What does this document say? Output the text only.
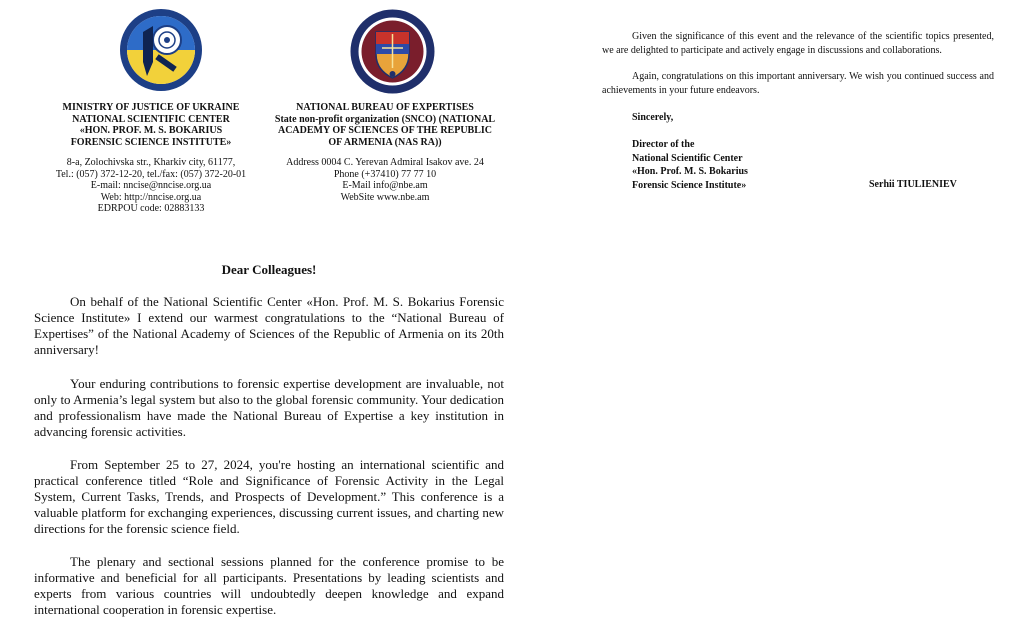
MINISTRY OF JUSTICE OF UKRAINE
NATIONAL SCIENTIFIC CENTER
«HON. PROF. M. S. BOKARIUS
FORENSIC SCIENCE INSTITUTE»
8-a, Zolochivska str., Kharkiv city, 61177,
Tel.: (057) 372-12-20, tel./fax: (057) 372-20-01
E-mail: nncise@nncise.org.ua
Web: http://nncise.org.ua
EDRPOU code: 02883133
NATIONAL BUREAU OF EXPERTISES
State non-profit organization (SNCO) (NATIONAL
ACADEMY OF SCIENCES OF THE REPUBLIC
OF ARMENIA (NAS RA))
Address 0004 C. Yerevan Admiral Isakov ave. 24
Phone (+37410) 77 77 10
E-Mail info@nbe.am
WebSite www.nbe.am
Dear Colleagues!

On behalf of the National Scientific Center «Hon. Prof. M. S. Bokarius Forensic Science Institute» I extend our warmest congratulations to the “National Bureau of Expertises” of the National Academy of Sciences of the Republic of Armenia on its 20th anniversary!

Your enduring contributions to forensic expertise development are invaluable, not only to Armenia’s legal system but also to the global forensic community. Your dedication and professionalism have made the National Bureau of Expertise a key institution in advancing forensic activities.

From September 25 to 27, 2024, you're hosting an international scientific and practical conference titled “Role and Significance of Forensic Activity in the Legal System, Current Tasks, Trends, and Prospects of Development.” This conference is a valuable platform for exchanging experiences, discussing current issues, and charting new directions for the forensic science field.

The plenary and sectional sessions planned for the conference promise to be informative and beneficial for all participants. Presentations by leading scientists and experts from various countries will undoubtedly deepen knowledge and expand international cooperation in forensic expertise.

Given the significance of this event and the relevance of the scientific topics presented, we are delighted to participate and actively engage in discussions and collaborations.

Again, congratulations on this important anniversary. We wish you continued success and achievements in your future endeavors.

Sincerely,
Director of the
National Scientific Center
«Hon. Prof. M. S. Bokarius
Forensic Science Institute»	Serhii TIULIENIEV
